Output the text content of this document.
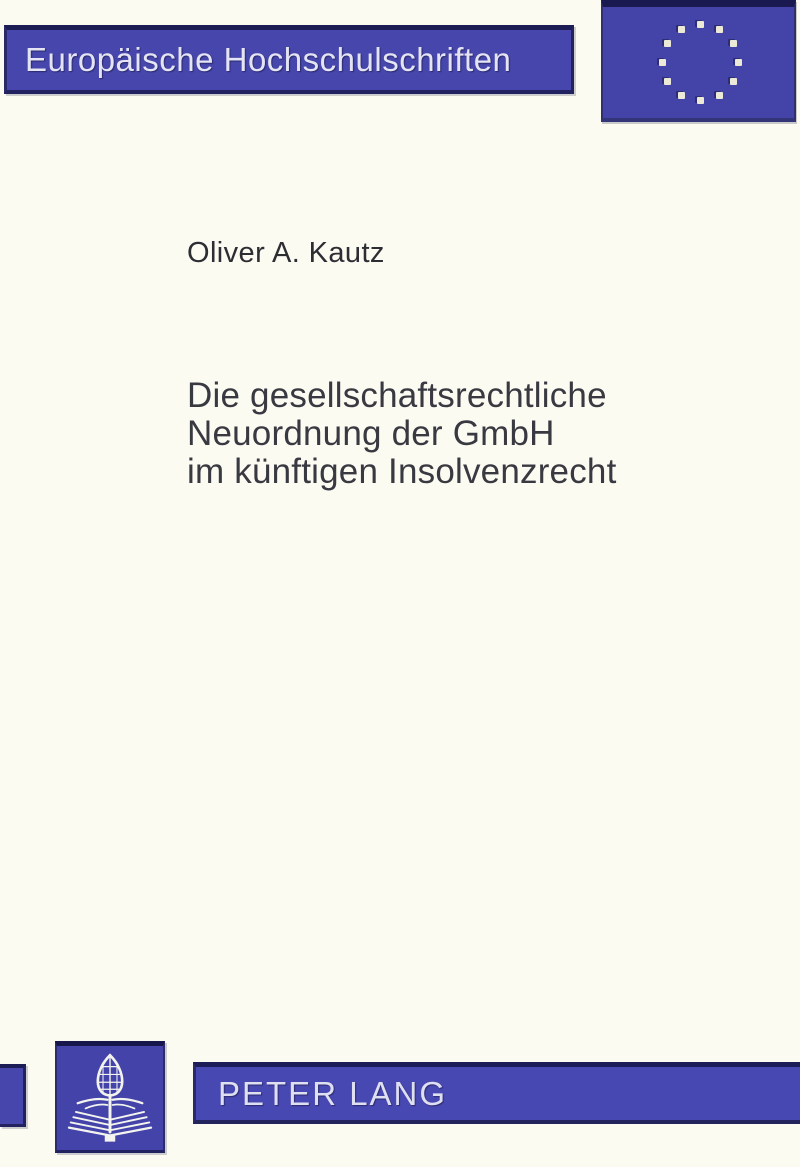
Europäische Hochschulschriften
Oliver A. Kautz
Die gesellschaftsrechtliche
Neuordnung der GmbH
im künftigen Insolvenzrecht
PETER LANG
